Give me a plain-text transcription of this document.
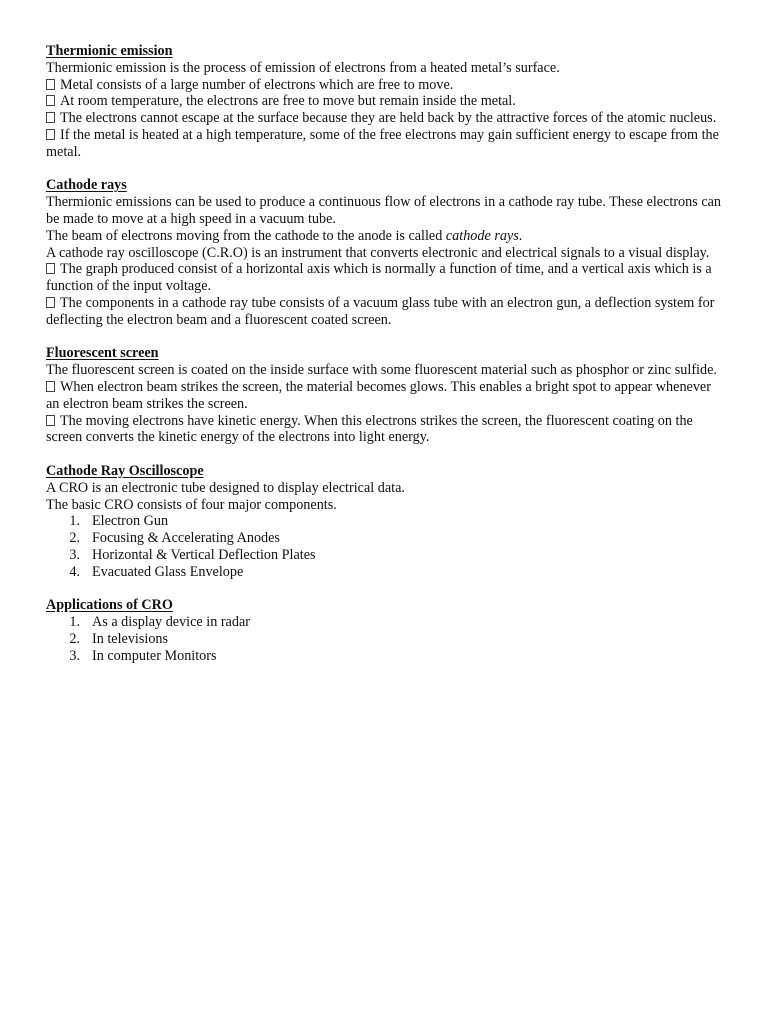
Thermionic emission
Thermionic emission is the process of emission of electrons from a heated metal’s surface.
Metal consists of a large number of electrons which are free to move.
At room temperature, the electrons are free to move but remain inside the metal.
The electrons cannot escape at the surface because they are held back by the attractive forces of the atomic nucleus.
If the metal is heated at a high temperature, some of the free electrons may gain sufficient energy to escape from the metal.
Cathode rays
Thermionic emissions can be used to produce a continuous flow of electrons in a cathode ray tube. These electrons can be made to move at a high speed in a vacuum tube.
The beam of electrons moving from the cathode to the anode is called cathode rays.
A cathode ray oscilloscope (C.R.O) is an instrument that converts electronic and electrical signals to a visual display.
The graph produced consist of a horizontal axis which is normally a function of time, and a vertical axis which is a function of the input voltage.
The components in a cathode ray tube consists of a vacuum glass tube with an electron gun, a deflection system for deflecting the electron beam and a fluorescent coated screen.
Fluorescent screen
The fluorescent screen is coated on the inside surface with some fluorescent material such as phosphor or zinc sulfide.
When electron beam strikes the screen, the material becomes glows. This enables a bright spot to appear whenever an electron beam strikes the screen.
The moving electrons have kinetic energy. When this electrons strikes the screen, the fluorescent coating on the screen converts the kinetic energy of the electrons into light energy.
Cathode Ray Oscilloscope
A CRO is an electronic tube designed to display electrical data.
The basic CRO consists of four major components.
1. Electron Gun
2. Focusing & Accelerating Anodes
3. Horizontal & Vertical Deflection Plates
4. Evacuated Glass Envelope
Applications of CRO
1. As a display device in radar
2. In televisions
3. In computer Monitors
